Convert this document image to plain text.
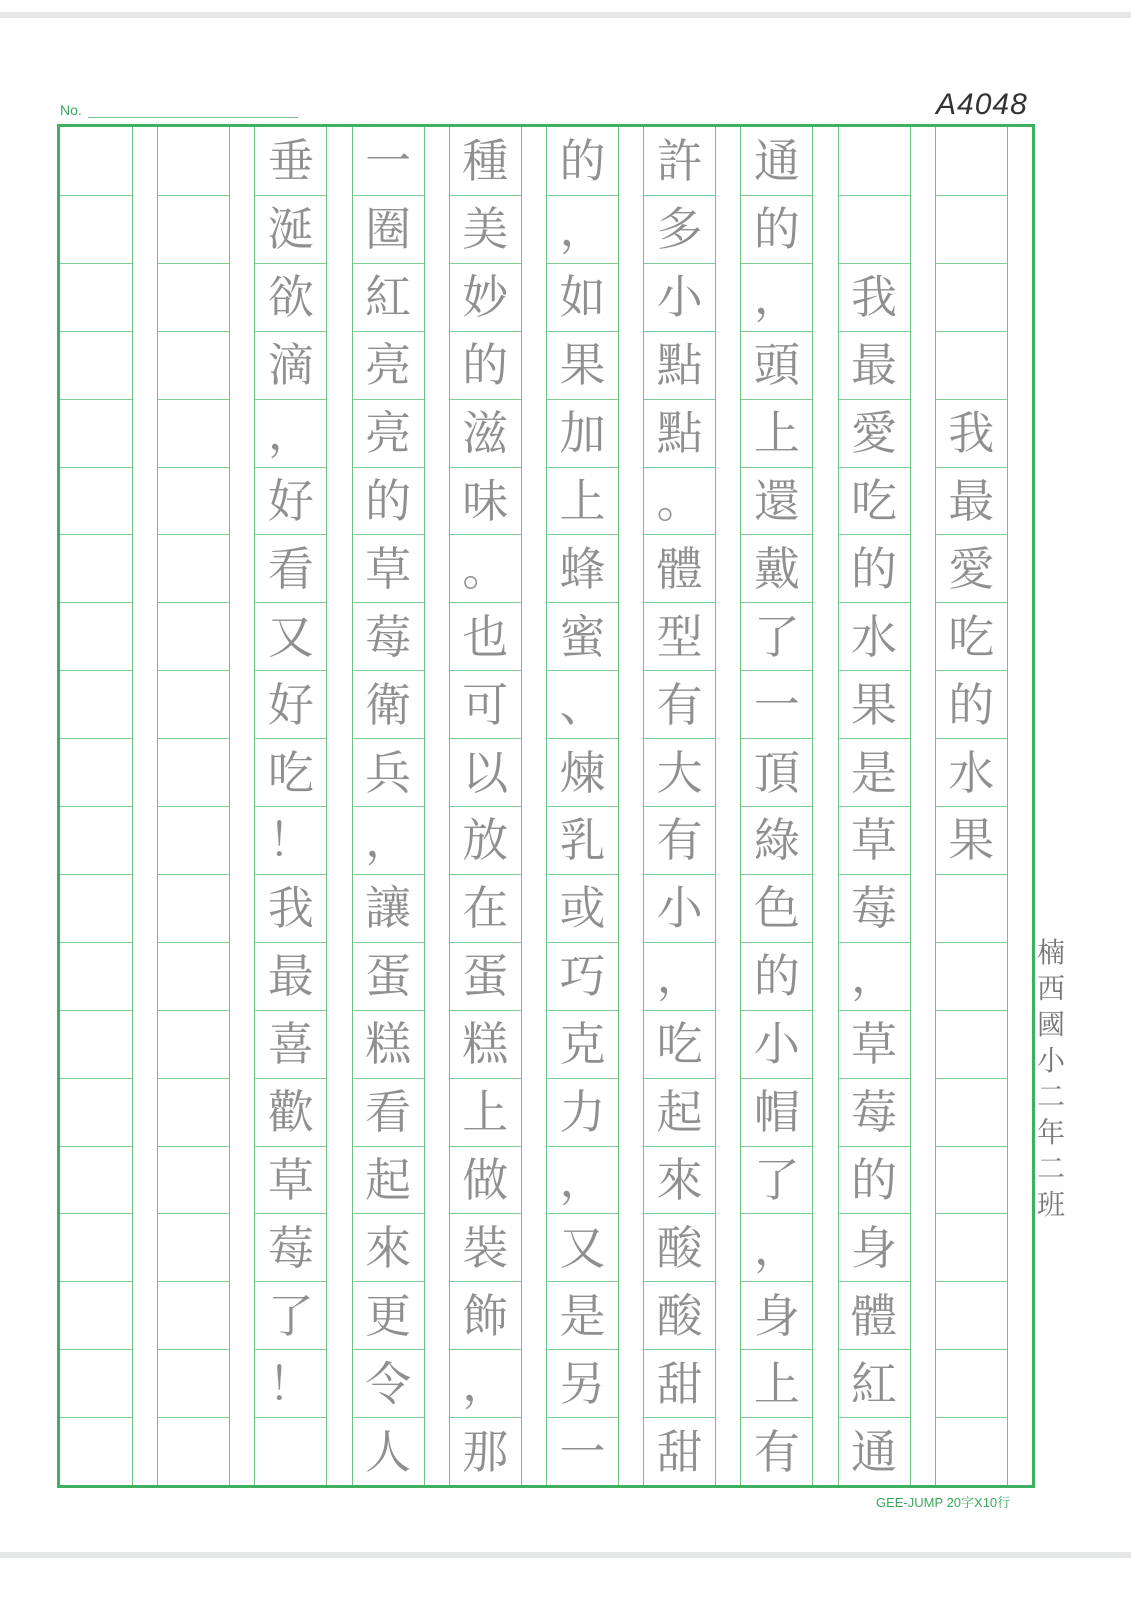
No.	A4048
垂
涎
欲
滴
，
好
看
又
好
吃
！
我
最
喜
歡
草
莓
了
！
一
圈
紅
亮
亮
的
草
莓
衛
兵
，
讓
蛋
糕
看
起
來
更
令
人
種
美
妙
的
滋
味
。
也
可
以
放
在
蛋
糕
上
做
裝
飾
，
那
的
，
如
果
加
上
蜂
蜜
、
煉
乳
或
巧
克
力
，
又
是
另
一
許
多
小
點
點
。
體
型
有
大
有
小
，
吃
起
來
酸
酸
甜
甜
通
的
，
頭
上
還
戴
了
一
頂
綠
色
的
小
帽
了
，
身
上
有
我
最
愛
吃
的
水
果
是
草
莓
，
草
莓
的
身
體
紅
通
我
最
愛
吃
的
水
果
楠
西
國
小
二
年
二
班
GEE-JUMP 20字X10行
